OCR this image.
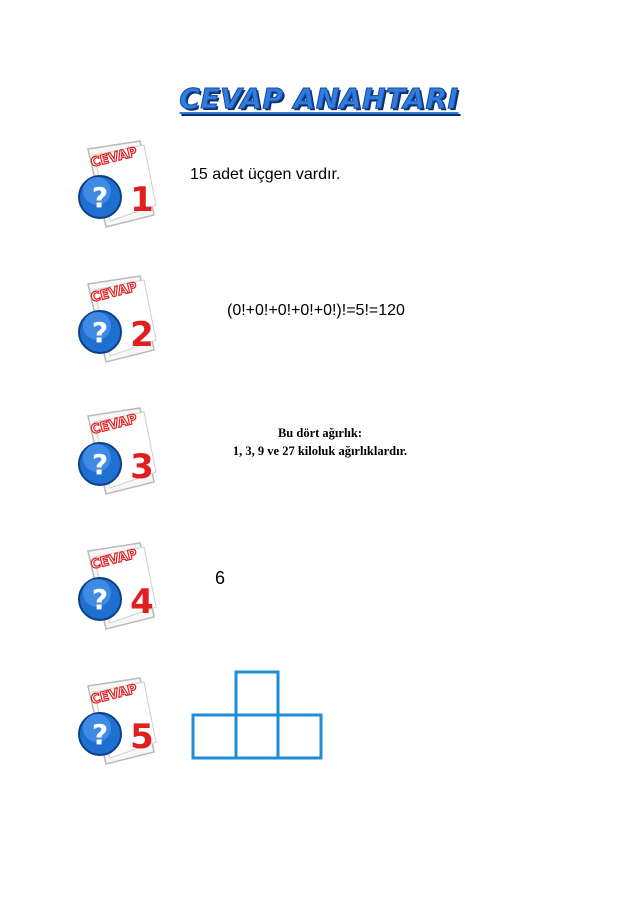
CEVAP ANAHTARI
CEVAP
? 1
CEVAP
? 2
CEVAP
? 3
CEVAP
? 4
CEVAP
? 5
15 adet üçgen vardır.
(0!+0!+0!+0!+0!)!=5!=120
Bu dört ağırlık:
1, 3, 9 ve 27 kiloluk ağırlıklardır.
6
